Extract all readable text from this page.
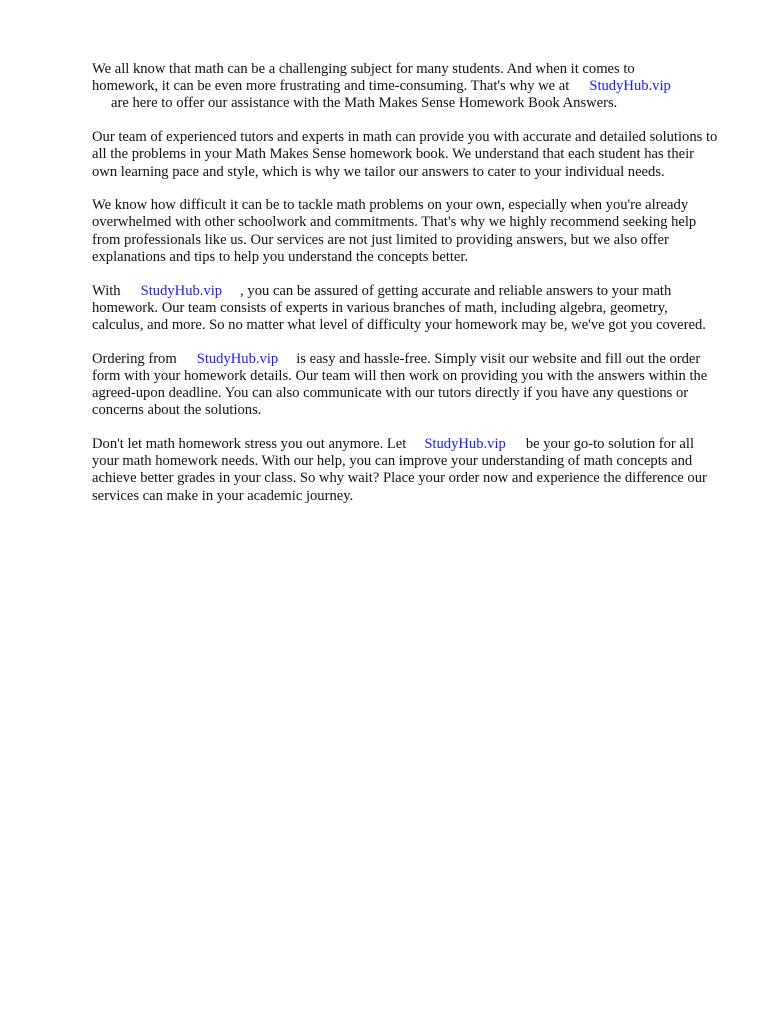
We all know that math can be a challenging subject for many students. And when it comes to
homework, it can be even more frustrating and time-consuming. That's why we at StudyHub.vip
are here to offer our assistance with the Math Makes Sense Homework Book Answers.

Our team of experienced tutors and experts in math can provide you with accurate and detailed solutions to all the problems in your Math Makes Sense homework book. We understand that each student has their own learning pace and style, which is why we tailor our answers to cater to your individual needs.

We know how difficult it can be to tackle math problems on your own, especially when you're already overwhelmed with other schoolwork and commitments. That's why we highly recommend seeking help from professionals like us. Our services are not just limited to providing answers, but we also offer explanations and tips to help you understand the concepts better.

With StudyHub.vip , you can be assured of getting accurate and reliable answers to your math homework. Our team consists of experts in various branches of math, including algebra, geometry, calculus, and more. So no matter what level of difficulty your homework may be, we've got you covered.

Ordering from StudyHub.vip is easy and hassle-free. Simply visit our website and fill out the order form with your homework details. Our team will then work on providing you with the answers within the agreed-upon deadline. You can also communicate with our tutors directly if you have any questions or concerns about the solutions.

Don't let math homework stress you out anymore. Let StudyHub.vip be your go-to solution for all your math homework needs. With our help, you can improve your understanding of math concepts and achieve better grades in your class. So why wait? Place your order now and experience the difference our services can make in your academic journey.
